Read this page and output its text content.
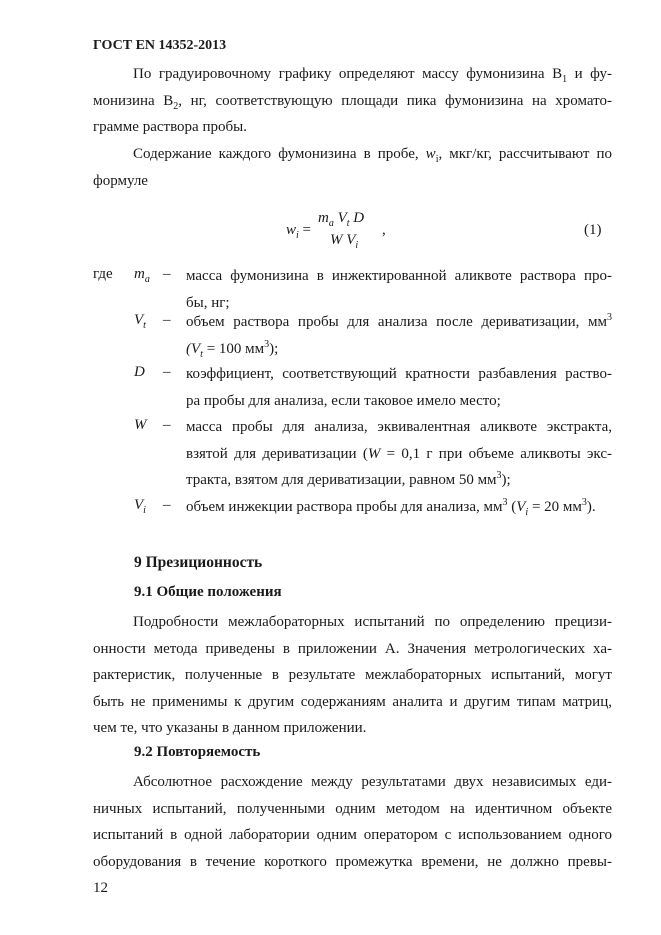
ГОСТ EN 14352-2013

По градуировочному графику определяют массу фумонизина $В_1$ и фу-
монизина $В_2$, нг, соответствующую площади пика фумонизина на хромато-
грамме раствора пробы.

Содержание каждого фумонизина в пробе, $w_i$, мкг/кг, рассчитывают по
формуле

$w_i$ =
$m_a$ $V_t$ D
W $V_i$
,	(1)
где $m_a$ – масса фумонизина в инжектированной аликвоте раствора про-
бы, нг;

$V_t$ – объем раствора пробы для анализа после дериватизации, $мм^3$
($V_t = 100$ $мм^3$);

D – коэффициент, соответствующий кратности разбавления раство-
ра пробы для анализа, если таковое имело место;

W – масса пробы для анализа, эквивалентная аликвоте экстракта,
взятой для дериватизации (W = 0,1 г при объеме аликвоты экс-
тракта, взятом для дериватизации, равном 50 $мм^3$);

$V_i$ – объем инжекции раствора пробы для анализа, $мм^3$ ($V_i = 20$ $мм^3$).

9 Презиционность
9.1 Общие положения

Подробности межлабораторных испытаний по определению прецизи-
онности метода приведены в приложении А. Значения метрологических ха-
рактеристик, полученные в результате межлабораторных испытаний, могут
быть не применимы к другим содержаниям аналита и другим типам матриц,
чем те, что указаны в данном приложении.

9.2 Повторяемость

Абсолютное расхождение между результатами двух независимых еди-
ничных испытаний, полученными одним методом на идентичном объекте
испытаний в одной лаборатории одним оператором с использованием одного
оборудования в течение короткого промежутка времени, не должно превы-

12
